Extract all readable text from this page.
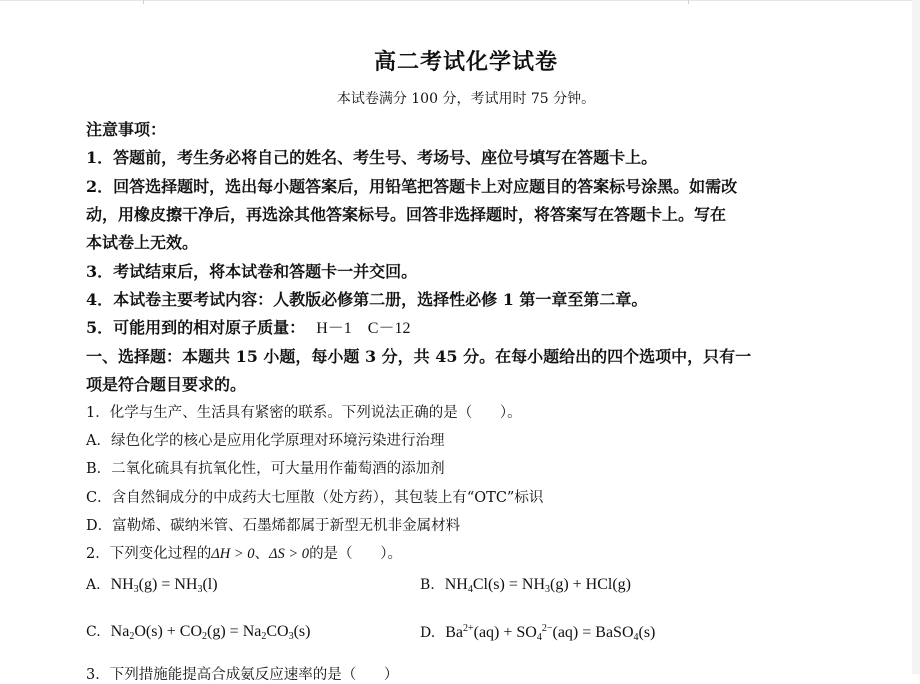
高二考试化学试卷
本试卷满分 100 分，考试用时 75 分钟。
注意事项：
1．答题前，考生务必将自己的姓名、考生号、考场号、座位号填写在答题卡上。
2．回答选择题时，选出每小题答案后，用铅笔把答题卡上对应题目的答案标号涂黑。如需改
动，用橡皮擦干净后，再选涂其他答案标号。回答非选择题时，将答案写在答题卡上。写在
本试卷上无效。
3．考试结束后，将本试卷和答题卡一并交回。
4．本试卷主要考试内容：人教版必修第二册，选择性必修 1 第一章至第二章。
5．可能用到的相对原子质量： H－1    C－12
一、选择题：本题共 15 小题，每小题 3 分，共 45 分。在每小题给出的四个选项中，只有一
项是符合题目要求的。
1．化学与生产、生活具有紧密的联系。下列说法正确的是（      ）。
A．绿色化学的核心是应用化学原理对环境污染进行治理
B．二氧化硫具有抗氧化性，可大量用作葡萄酒的添加剂
C．含自然铜成分的中成药大七厘散（处方药），其包装上有“OTC”标识
D．富勒烯、碳纳米管、石墨烯都属于新型无机非金属材料
2．下列变化过程的ΔH > 0、ΔS > 0的是（      ）。
A. $NH_3(g) = NH_3(l)$	B. $NH_4Cl(s) = NH_3(g) + HCl(g)$
C. $Na_2O(s) + CO_2(g) = Na_2CO_3(s)$	D. $Ba^{2+}(aq) + SO_4^{2-}(aq)$ = BaSO$_4$(s)
3．下列措施能提高合成氨反应速率的是（      ）
